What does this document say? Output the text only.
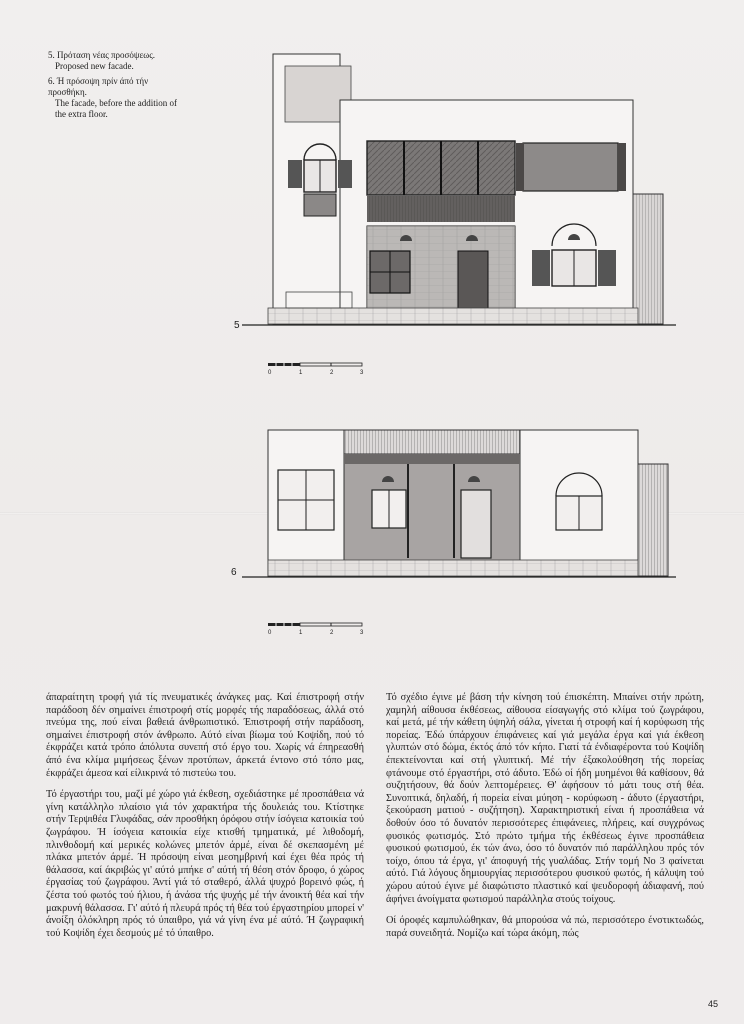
5. Πρόταση νέας προσόψεως.

Proposed new facade.

6. Ή πρόσοψη πρίν άπό τήν προσθήκη.

The facade, before the addition of the extra floor.

5
0	1	2	3
6
0	1	2	3

άπαραίτητη τροφή γιά τίς πνευματικές άνάγκες μας. Καί έπιστροφή στήν παράδοση δέν σημαίνει έπιστροφή στίς μορφές τής παραδόσεως, άλλά στό πνεύμα της, πού είναι βαθειά άνθρωπιστικό. Έπιστροφή στήν παράδοση, σημαίνει έπιστροφή στόν άνθρωπο. Αύτό είναι βίωμα τού Κοψίδη, πού τό έκφράζει κατά τρόπο άπόλυτα συνεπή στό έργο του. Χωρίς νά έπηρεασθή άπό ένα κλίμα μιμήσεως ξένων προτύπων, άρκετά έντονο στό τόπο μας, έκφράζει άμεσα καί είλικρινά τό πιστεύω του.

Τό έργαστήρι του, μαζί μέ χώρο γιά έκθεση, σχεδιάστηκε μέ προσπάθεια νά γίνη κατάλληλο πλαίσιο γιά τόν χαρακτήρα τής δουλειάς του. Κτίστηκε στήν Τερψιθέα Γλυφάδας, σάν προσθήκη όρόφου στήν ίσόγεια κατοικία τού ζωγράφου. Ή ίσόγεια κατοικία είχε κτισθή τμηματικά, μέ λιθοδομή, πλινθοδομή καί μερικές κολώνες μπετόν άρμέ, είναι δέ σκεπασμένη μέ πλάκα μπετόν άρμέ. Ή πρόσοψη είναι μεσημβρινή καί έχει θέα πρός τή θάλασσα, καί άκριβώς γι' αύτό μπήκε σ' αύτή τή θέση στόν δροφο, ό χώρος έργασίας τού ζωγράφου. Άντί γιά τό σταθερό, άλλά ψυχρό βορεινό φώς, ή ζέστα τού φωτός τού ήλιου, ή άνάσα τής ψυχής μέ τήν άνοικτή θέα καί τήν μακρυνή θάλασσα. Γι' αύτό ή πλευρά πρός τή θέα τού έργαστηρίου μπορεί ν' άνοίξη όλόκληρη πρός τό ύπαιθρο, γιά νά γίνη ένα μέ αύτό. Ή ζωγραφική τού Κοψίδη έχει δεσμούς μέ τό ύπαιθρο.

Τό σχέδιο έγινε μέ βάση τήν κίνηση τού έπισκέπτη. Μπαίνει στήν πρώτη, χαμηλή αίθουσα έκθέσεως, αίθουσα είσαγωγής στό κλίμα τού ζωγράφου, καί μετά, μέ τήν κάθετη ύψηλή σάλα, γίνεται ή στροφή καί ή κορύφωση τής πορείας. Έδώ ύπάρχουν έπιφάνειες καί γιά μεγάλα έργα καί γιά έκθεση γλυπτών στό δώμα, έκτός άπό τόν κήπο. Γιατί τά ένδιαφέροντα τού Κοψίδη έπεκτείνονται καί στή γλυπτική. Μέ τήν έξακολούθηση τής πορείας φτάνουμε στό έργαστήρι, στό άδυτο. Έδώ οί ήδη μυημένοι θά καθίσουν, θά συζητήσουν, θά δούν λεπτομέρειες. Θ' άφήσουν τό μάτι τους στή θέα. Συνοπτικά, δηλαδή, ή πορεία είναι μύηση - κορύφωση - άδυτο (έργαστήρι, ξεκούραση ματιού - συζήτηση). Χαρακτηριστική είναι ή προσπάθεια νά δοθούν όσο τό δυνατόν περισσότερες έπιφάνειες, πλήρεις, καί συγχρόνως φυσικός φωτισμός. Στό πρώτο τμήμα τής έκθέσεως έγινε προσπάθεια φυσικού φωτισμού, έκ τών άνω, όσο τό δυνατόν πιό παράλληλου πρός τόν τοίχο, όπου τά έργα, γι' άποφυγή τής γυαλάδας. Στήν τομή Νο 3 φαίνεται αύτό. Γιά λόγους δημιουργίας περισσότερου φυσικού φωτός, ή κάλυψη τού χώρου αύτού έγινε μέ διαφώτιστο πλαστικό καί ψευδοροφή άδιαφανή, πού άφήνει άνοίγματα φωτισμού παράλληλα στούς τοίχους.

Οί όροφές καμπυλώθηκαν, θά μπορούσα νά πώ, περισσότερο ένστικτωδώς, παρά συνειδητά. Νομίζω καί τώρα άκόμη, πώς

45
